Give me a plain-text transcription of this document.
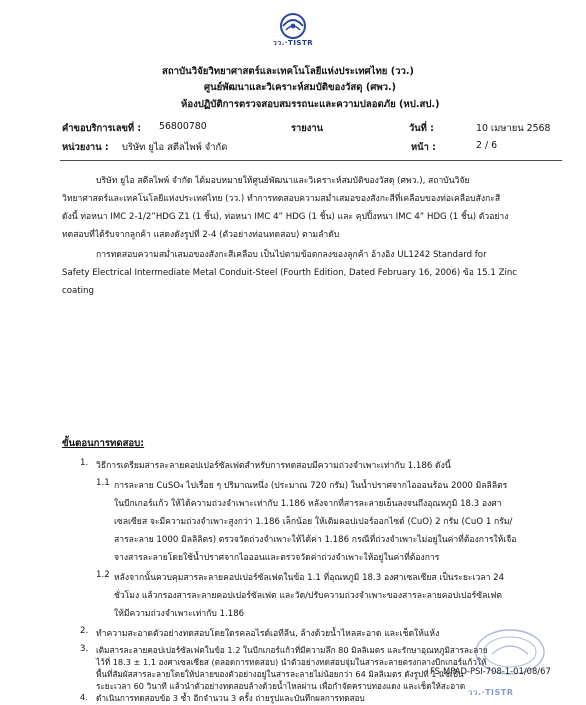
วว.·TISTR
สถาบันวิจัยวิทยาศาสตร์และเทคโนโลยีแห่งประเทศไทย (วว.)
ศูนย์พัฒนาและวิเคราะห์สมบัติของวัสดุ (ศพว.)
ห้องปฏิบัติการตรวจสอบสมรรถนะและความปลอดภัย (หป.สป.)
คำขอบริการเลขที่ : 56800780	รายงาน	วันที่ :	10 เมษายน 2568
หน่วยงาน : บริษัท ยูไอ สตีลไพพ์ จำกัด	หน้า :	2 / 6
บริษัท ยูไอ สตีลไพพ์ จำกัด ได้มอบหมายให้ศูนย์พัฒนาและวิเคราะห์สมบัติของวัสดุ (ศพว.), สถาบันวิจัย
วิทยาศาสตร์และเทคโนโลยีแห่งประเทศไทย (วว.) ทำการทดสอบความสม่ำเสมอของสังกะสีที่เคลือบของท่อเคลือบสังกะสี
ดังนี้ ท่อหนา IMC 2-1/2”HDG Z1 (1 ชิ้น), ท่อหนา IMC 4” HDG (1 ชิ้น) และ คุปปิ้งหนา IMC 4” HDG (1 ชิ้น) ตัวอย่าง
ทดสอบที่ได้รับจากลูกค้า แสดงดังรูปที่ 2-4 (ตัวอย่างท่อนทดสอบ) ตามลำดับ
การทดสอบความสม่ำเสมอของสังกะสีเคลือบ เป็นไปตามข้อตกลงของลูกค้า อ้างอิง UL1242 Standard for
Safety Electrical Intermediate Metal Conduit-Steel (Fourth Edition, Dated February 16, 2006) ข้อ 15.1 Zinc
coating
ขั้นตอนการทดสอบ:
1. วิธีการเตรียมสารละลายคอปเปอร์ซัลเฟตสำหรับการทดสอบมีความถ่วงจำเพาะเท่ากับ 1.186 ดังนี้
1.1 การละลาย CuSO₄ ไปเรื่อย ๆ ปริมาณหนึ่ง (ประมาณ 720 กรัม) ในน้ำปราศจากไอออนร้อน 2000 มิลลิลิตร
ในบีกเกอร์แก้ว ให้ได้ความถ่วงจำเพาะเท่ากับ 1.186 หลังจากที่สารละลายเย็นลงจนถึงอุณหภูมิ 18.3 องศา
เซลเซียส จะมีความถ่วงจำเพาะสูงกว่า 1.186 เล็กน้อย ให้เติมคอปเปอร์ออกไซด์ (CuO) 2 กรัม (CuO 1 กรัม/
สารละลาย 1000 มิลลิลิตร) ตรวจวัดถ่วงจำเพาะให้ได้ค่า 1.186 กรณีที่ถ่วงจำเพาะไม่อยู่ในค่าที่ต้องการให้เจือ
จางสารละลายโดยใช้น้ำปราศจากไอออนและตรวจวัดค่าถ่วงจำเพาะให้อยู่ในค่าที่ต้องการ
1.2 หลังจากนั้นควบคุมสารละลายคอปเปอร์ซัลเฟตในข้อ 1.1 ที่อุณหภูมิ 18.3 องศาเซลเซียส เป็นระยะเวลา 24
ชั่วโมง แล้วกรองสารละลายคอปเปอร์ซัลเฟต และวัด/ปรับความถ่วงจำเพาะของสารละลายคอปเปอร์ซัลเฟต
ให้มีความถ่วงจำเพาะเท่ากับ 1.186
2. ทำความสะอาดตัวอย่างทดสอบโดยใดรคลอไรด์เอทีลีน, ล้างด้วยน้ำไหลสะอาด และเช็ดให้แห้ง
3. เติมสารละลายคอปเปอร์ซัลเฟตในข้อ 1.2 ในบีกเกอร์แก้วที่มีความลึก 80 มิลลิเมตร และรักษาอุณหภูมิสารละลาย
ไว้ที่ 18.3 ± 1.1 องศาเซลเซียส (ตลอดการทดสอบ) นำตัวอย่างทดสอบจุ่มในสารละลายตรงกลางบีกเกอร์แก้วให้
พื้นที่สัมผัสสารละลายโดยให้ปลายของตัวอย่างอยู่ในสารละลายไม่น้อยกว่า 64 มิลลิเมตร ดังรูปที่ 1 แช่เป็น
ระยะเวลา 60 วินาที แล้วนำตัวอย่างทดสอบล้างด้วยน้ำไหลผ่าน เพื่อกำจัดคราบทองแดง และเช็ดให้สะอาด
4. ดำเนินการทดสอบข้อ 3 ซ้ำ อีกจำนวน 3 ครั้ง ถ่ายรูปและบันทึกผลการทดสอบ
FS-MPAD-PSI-708-1-01/08/67
วว.·TISTR
